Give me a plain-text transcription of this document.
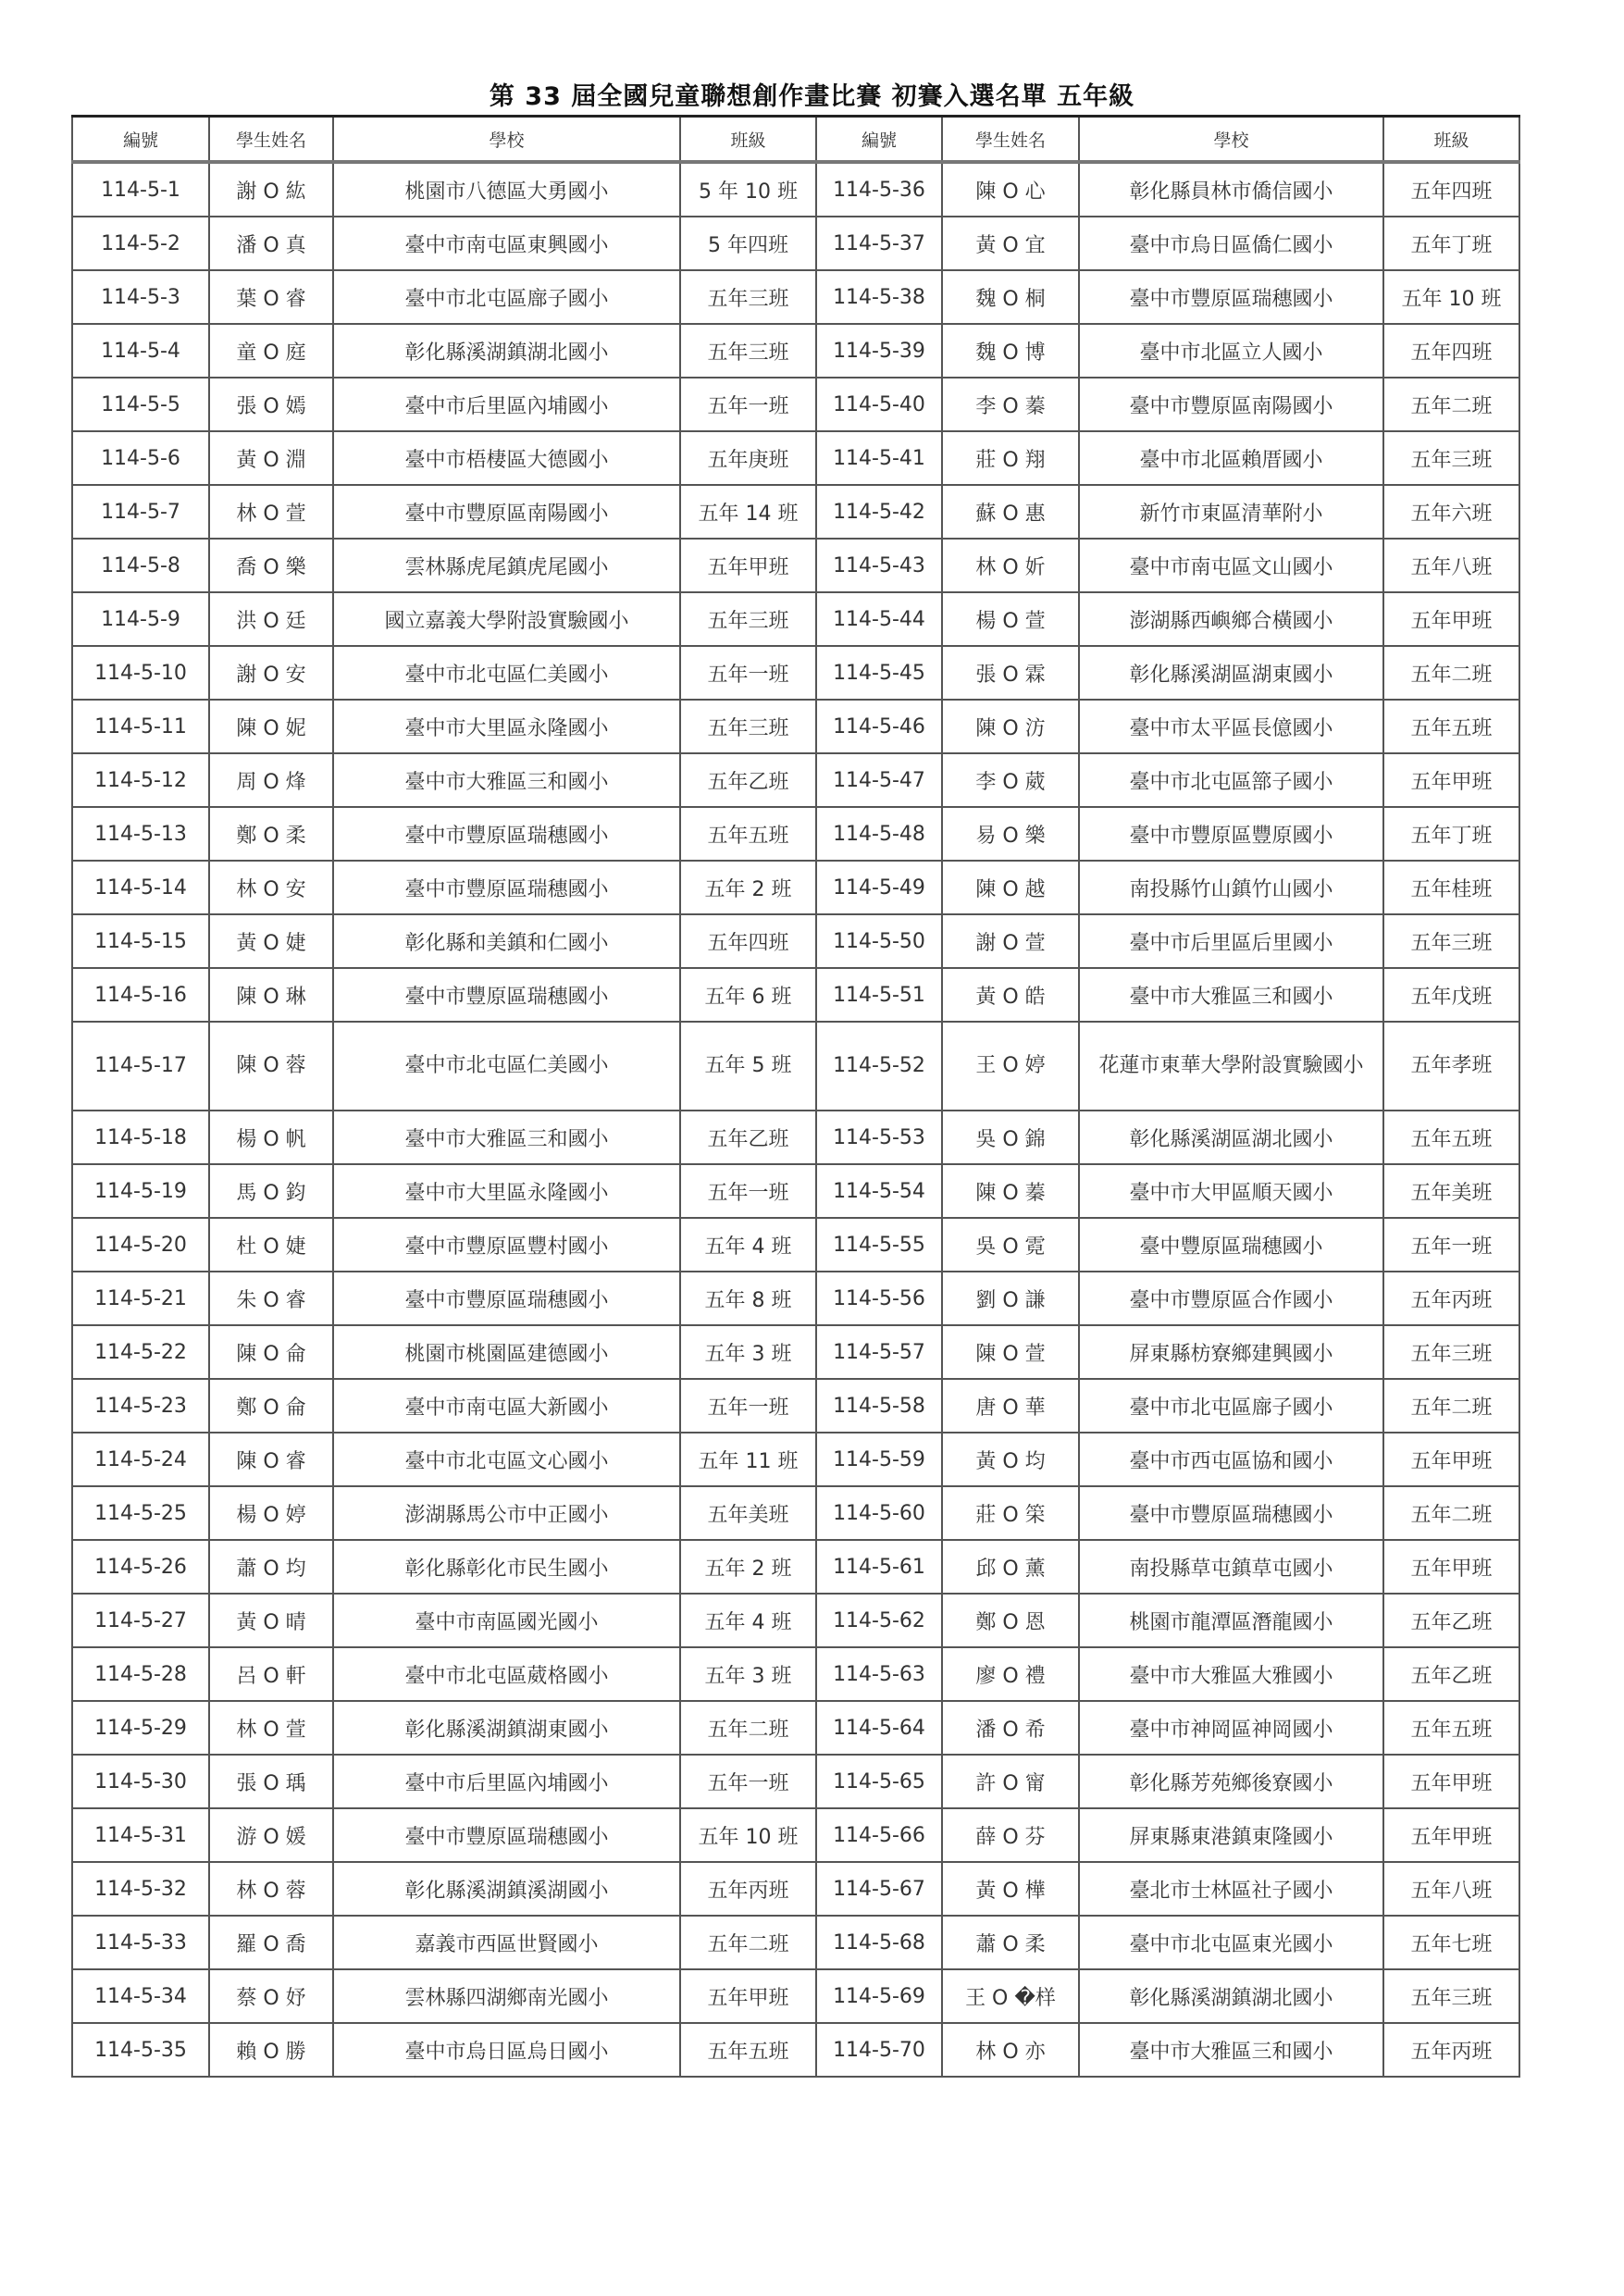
第 33 屆全國兒童聯想創作畫比賽 初賽入選名單 五年級
編號	學生姓名	學校	班級	編號	學生姓名	學校	班級
114-5-1	謝 O 紘	桃園市八德區大勇國小	5 年 10 班	114-5-36	陳 O 心	彰化縣員林市僑信國小	五年四班
114-5-2	潘 O 真	臺中市南屯區東興國小	5 年四班	114-5-37	黃 O 宜	臺中市烏日區僑仁國小	五年丁班
114-5-3	葉 O 睿	臺中市北屯區廍子國小	五年三班	114-5-38	魏 O 桐	臺中市豐原區瑞穗國小	五年 10 班
114-5-4	童 O 庭	彰化縣溪湖鎮湖北國小	五年三班	114-5-39	魏 O 博	臺中市北區立人國小	五年四班
114-5-5	張 O 嫣	臺中市后里區內埔國小	五年一班	114-5-40	李 O 蓁	臺中市豐原區南陽國小	五年二班
114-5-6	黃 O 淵	臺中市梧棲區大德國小	五年庚班	114-5-41	莊 O 翔	臺中市北區賴厝國小	五年三班
114-5-7	林 O 萱	臺中市豐原區南陽國小	五年 14 班	114-5-42	蘇 O 惠	新竹市東區清華附小	五年六班
114-5-8	喬 O 樂	雲林縣虎尾鎮虎尾國小	五年甲班	114-5-43	林 O 妡	臺中市南屯區文山國小	五年八班
114-5-9	洪 O 廷	國立嘉義大學附設實驗國小	五年三班	114-5-44	楊 O 萱	澎湖縣西嶼鄉合橫國小	五年甲班
114-5-10	謝 O 安	臺中市北屯區仁美國小	五年一班	114-5-45	張 O 霖	彰化縣溪湖區湖東國小	五年二班
114-5-11	陳 O 妮	臺中市大里區永隆國小	五年三班	114-5-46	陳 O 汸	臺中市太平區長億國小	五年五班
114-5-12	周 O 烽	臺中市大雅區三和國小	五年乙班	114-5-47	李 O 葳	臺中市北屯區篰子國小	五年甲班
114-5-13	鄭 O 柔	臺中市豐原區瑞穗國小	五年五班	114-5-48	易 O 樂	臺中市豐原區豐原國小	五年丁班
114-5-14	林 O 安	臺中市豐原區瑞穗國小	五年 2 班	114-5-49	陳 O 越	南投縣竹山鎮竹山國小	五年桂班
114-5-15	黃 O 婕	彰化縣和美鎮和仁國小	五年四班	114-5-50	謝 O 萱	臺中市后里區后里國小	五年三班
114-5-16	陳 O 琳	臺中市豐原區瑞穗國小	五年 6 班	114-5-51	黃 O 皓	臺中市大雅區三和國小	五年戊班
114-5-17	陳 O 蓉	臺中市北屯區仁美國小	五年 5 班	114-5-52	王 O 婷	花蓮市東華大學附設實驗國小	五年孝班
114-5-18	楊 O 帆	臺中市大雅區三和國小	五年乙班	114-5-53	吳 O 錦	彰化縣溪湖區湖北國小	五年五班
114-5-19	馬 O 鈞	臺中市大里區永隆國小	五年一班	114-5-54	陳 O 蓁	臺中市大甲區順天國小	五年美班
114-5-20	杜 O 婕	臺中市豐原區豐村國小	五年 4 班	114-5-55	吳 O 霓	臺中豐原區瑞穗國小	五年一班
114-5-21	朱 O 睿	臺中市豐原區瑞穗國小	五年 8 班	114-5-56	劉 O 謙	臺中市豐原區合作國小	五年丙班
114-5-22	陳 O 侖	桃園市桃園區建德國小	五年 3 班	114-5-57	陳 O 萱	屏東縣枋寮鄉建興國小	五年三班
114-5-23	鄭 O 侖	臺中市南屯區大新國小	五年一班	114-5-58	唐 O 華	臺中市北屯區廍子國小	五年二班
114-5-24	陳 O 睿	臺中市北屯區文心國小	五年 11 班	114-5-59	黃 O 均	臺中市西屯區協和國小	五年甲班
114-5-25	楊 O 婷	澎湖縣馬公市中正國小	五年美班	114-5-60	莊 O 筞	臺中市豐原區瑞穗國小	五年二班
114-5-26	蕭 O 均	彰化縣彰化市民生國小	五年 2 班	114-5-61	邱 O 薰	南投縣草屯鎮草屯國小	五年甲班
114-5-27	黃 O 晴	臺中市南區國光國小	五年 4 班	114-5-62	鄭 O 恩	桃園市龍潭區潛龍國小	五年乙班
114-5-28	呂 O 軒	臺中市北屯區葳格國小	五年 3 班	114-5-63	廖 O 禮	臺中市大雅區大雅國小	五年乙班
114-5-29	林 O 萱	彰化縣溪湖鎮湖東國小	五年二班	114-5-64	潘 O 希	臺中市神岡區神岡國小	五年五班
114-5-30	張 O 瑀	臺中市后里區內埔國小	五年一班	114-5-65	許 O 甯	彰化縣芳苑鄉後寮國小	五年甲班
114-5-31	游 O 媛	臺中市豐原區瑞穗國小	五年 10 班	114-5-66	薛 O 芬	屏東縣東港鎮東隆國小	五年甲班
114-5-32	林 O 蓉	彰化縣溪湖鎮溪湖國小	五年丙班	114-5-67	黃 O 樺	臺北市士林區社子國小	五年八班
114-5-33	羅 O 喬	嘉義市西區世賢國小	五年二班	114-5-68	蕭 O 柔	臺中市北屯區東光國小	五年七班
114-5-34	蔡 O 妤	雲林縣四湖鄉南光國小	五年甲班	114-5-69	王 O �样	彰化縣溪湖鎮湖北國小	五年三班
114-5-35	賴 O 勝	臺中市烏日區烏日國小	五年五班	114-5-70	林 O 亦	臺中市大雅區三和國小	五年丙班
